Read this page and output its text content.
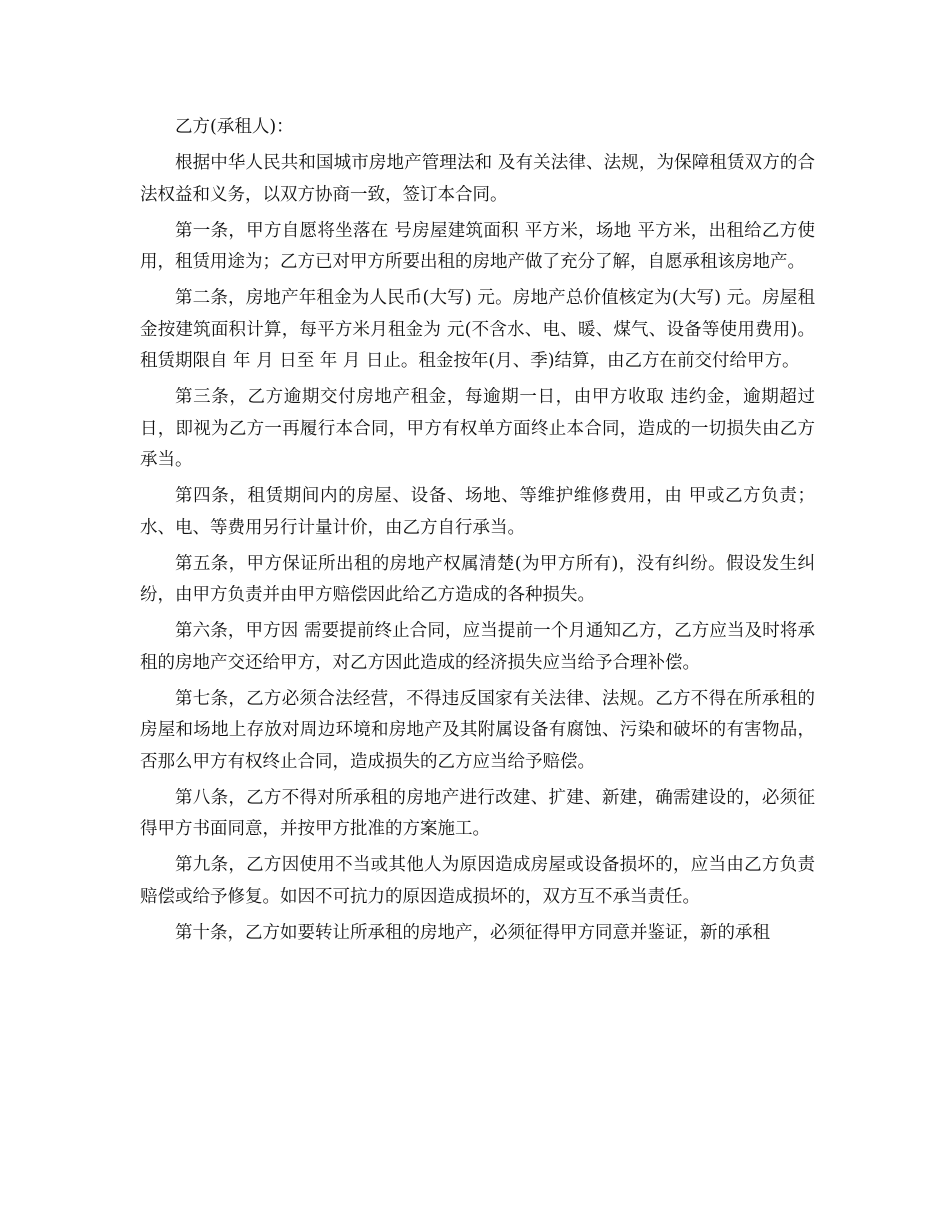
乙方(承租人)：

根据中华人民共和国城市房地产管理法和 及有关法律、法规，为保障租赁双方的合法权益和义务，以双方协商一致，签订本合同。

第一条，甲方自愿将坐落在 号房屋建筑面积 平方米，场地 平方米，出租给乙方使用，租赁用途为；乙方已对甲方所要出租的房地产做了充分了解，自愿承租该房地产。

第二条，房地产年租金为人民币(大写) 元。房地产总价值核定为(大写) 元。房屋租金按建筑面积计算，每平方米月租金为 元(不含水、电、暖、煤气、设备等使用费用)。租赁期限自 年 月 日至 年 月 日止。租金按年(月、季)结算，由乙方在前交付给甲方。

第三条，乙方逾期交付房地产租金，每逾期一日，由甲方收取 违约金，逾期超过 日，即视为乙方一再履行本合同，甲方有权单方面终止本合同，造成的一切损失由乙方承当。

第四条，租赁期间内的房屋、设备、场地、等维护维修费用，由 甲或乙方负责；水、电、等费用另行计量计价，由乙方自行承当。

第五条，甲方保证所出租的房地产权属清楚(为甲方所有)，没有纠纷。假设发生纠纷，由甲方负责并由甲方赔偿因此给乙方造成的各种损失。

第六条，甲方因 需要提前终止合同，应当提前一个月通知乙方，乙方应当及时将承租的房地产交还给甲方，对乙方因此造成的经济损失应当给予合理补偿。

第七条，乙方必须合法经营，不得违反国家有关法律、法规。乙方不得在所承租的房屋和场地上存放对周边环境和房地产及其附属设备有腐蚀、污染和破坏的有害物品，否那么甲方有权终止合同，造成损失的乙方应当给予赔偿。

第八条，乙方不得对所承租的房地产进行改建、扩建、新建，确需建设的，必须征得甲方书面同意，并按甲方批准的方案施工。

第九条，乙方因使用不当或其他人为原因造成房屋或设备损坏的，应当由乙方负责赔偿或给予修复。如因不可抗力的原因造成损坏的，双方互不承当责任。

第十条，乙方如要转让所承租的房地产，必须征得甲方同意并鉴证，新的承租
